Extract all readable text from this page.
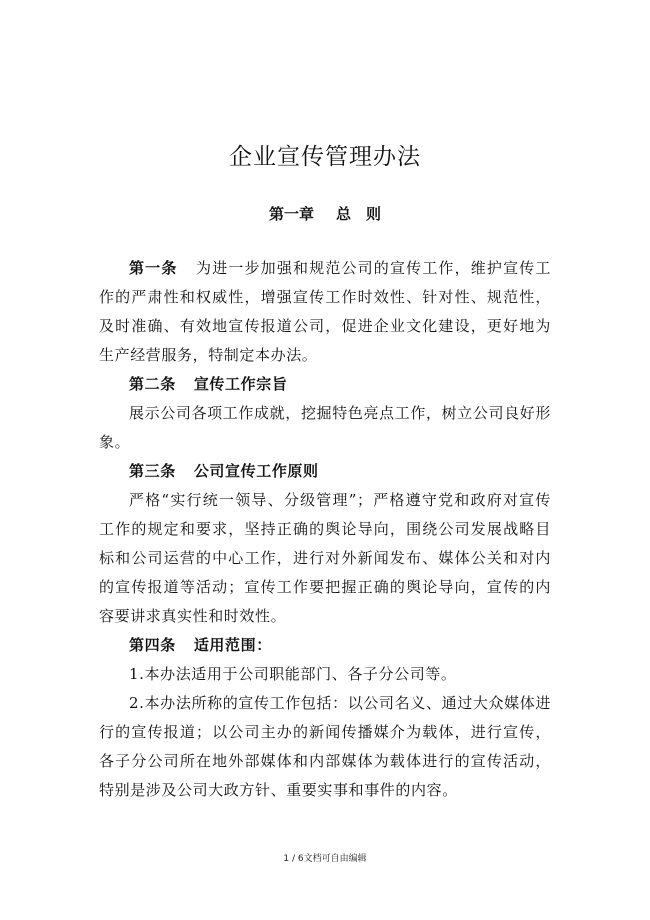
企业宣传管理办法
第一章 总　则

第一条 为进一步加强和规范公司的宣传工作，维护宣传工作的严肃性和权威性，增强宣传工作时效性、针对性、规范性，及时准确、有效地宣传报道公司，促进企业文化建设，更好地为生产经营服务，特制定本办法。

第二条 宣传工作宗旨

展示公司各项工作成就，挖掘特色亮点工作，树立公司良好形象。

第三条 公司宣传工作原则

严格“实行统一领导、分级管理”；严格遵守党和政府对宣传工作的规定和要求，坚持正确的舆论导向，围绕公司发展战略目标和公司运营的中心工作，进行对外新闻发布、媒体公关和对内的宣传报道等活动；宣传工作要把握正确的舆论导向，宣传的内容要讲求真实性和时效性。

第四条 适用范围：

1.本办法适用于公司职能部门、各子分公司等。

2.本办法所称的宣传工作包括：以公司名义、通过大众媒体进行的宣传报道；以公司主办的新闻传播媒介为载体，进行宣传，各子分公司所在地外部媒体和内部媒体为载体进行的宣传活动，特别是涉及公司大政方针、重要实事和事件的内容。

1 / 6文档可自由编辑
